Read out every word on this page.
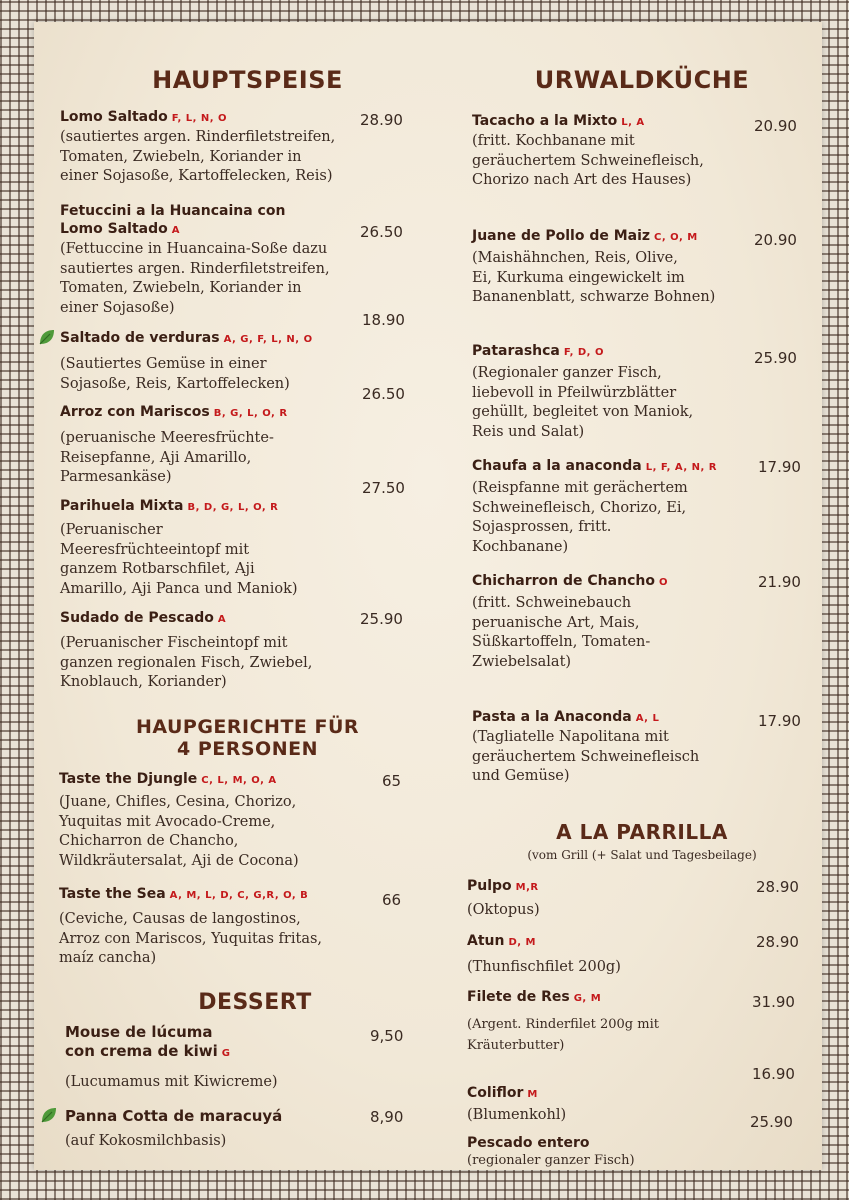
HAUPTSPEISE
Lomo Saltado F, L, N, O
(sautiertes argen. Rinderfiletstreifen,
Tomaten, Zwiebeln, Koriander in
einer Sojasoße, Kartoffelecken, Reis)
28.90
Fetuccini a la Huancaina con
Lomo Saltado A
(Fettuccine in Huancaina-Soße dazu
sautiertes argen. Rinderfiletstreifen,
Tomaten, Zwiebeln, Koriander in
einer Sojasoße)
26.50
18.90
Saltado de verduras A, G, F, L, N, O
(Sautiertes Gemüse in einer
Sojasoße, Reis, Kartoffelecken)
26.50
Arroz con Mariscos B, G, L, O, R
(peruanische Meeresfrüchte-
Reisepfanne, Aji Amarillo,
Parmesankäse)
27.50
Parihuela Mixta B, D, G, L, O, R
(Peruanischer
Meeresfrüchteeintopf mit
ganzem Rotbarschfilet, Aji
Amarillo, Aji Panca und Maniok)
Sudado de Pescado A
(Peruanischer Fischeintopf mit
ganzen regionalen Fisch, Zwiebel,
Knoblauch, Koriander)
25.90
HAUPGERICHTE FÜR
4 PERSONEN
Taste the Djungle C, L, M, O, A
(Juane, Chifles, Cesina, Chorizo,
Yuquitas mit Avocado-Creme,
Chicharron de Chancho,
Wildkräutersalat, Aji de Cocona)
65
Taste the Sea A, M, L, D, C, G,R, O, B
(Ceviche, Causas de langostinos,
Arroz con Mariscos, Yuquitas fritas,
maíz cancha)
66
DESSERT
Mouse de lúcuma
con crema de kiwi G
(Lucumamus mit Kiwicreme)
9,50
Panna Cotta de maracuyá
(auf Kokosmilchbasis)
8,90
URWALDKÜCHE
Tacacho a la Mixto L, A
(fritt. Kochbanane mit
geräuchertem Schweinefleisch,
Chorizo nach Art des Hauses)
20.90
Juane de Pollo de Maiz C, O, M
(Maishähnchen, Reis, Olive,
Ei, Kurkuma eingewickelt im
Bananenblatt, schwarze Bohnen)
20.90
Patarashca F, D, O
(Regionaler ganzer Fisch,
liebevoll in Pfeilwürzblätter
gehüllt, begleitet von Maniok,
Reis und Salat)
25.90
Chaufa a la anaconda L, F, A, N, R
(Reispfanne mit gerächertem
Schweinefleisch, Chorizo, Ei,
Sojasprossen, fritt.
Kochbanane)
17.90
Chicharron de Chancho O
(fritt. Schweinebauch
peruanische Art, Mais,
Süßkartoffeln, Tomaten-
Zwiebelsalat)
21.90
Pasta a la Anaconda A, L
(Tagliatelle Napolitana mit
geräuchertem Schweinefleisch
und Gemüse)
17.90
A LA PARRILLA
(vom Grill (+ Salat und Tagesbeilage)
Pulpo M,R
(Oktopus)
28.90
Atun D, M
(Thunfischfilet 200g)
28.90
Filete de Res G, M
(Argent. Rinderfilet 200g mit
Kräuterbutter)
31.90
Coliflor M
(Blumenkohl)
16.90
Pescado entero
(regionaler ganzer Fisch)
25.90
